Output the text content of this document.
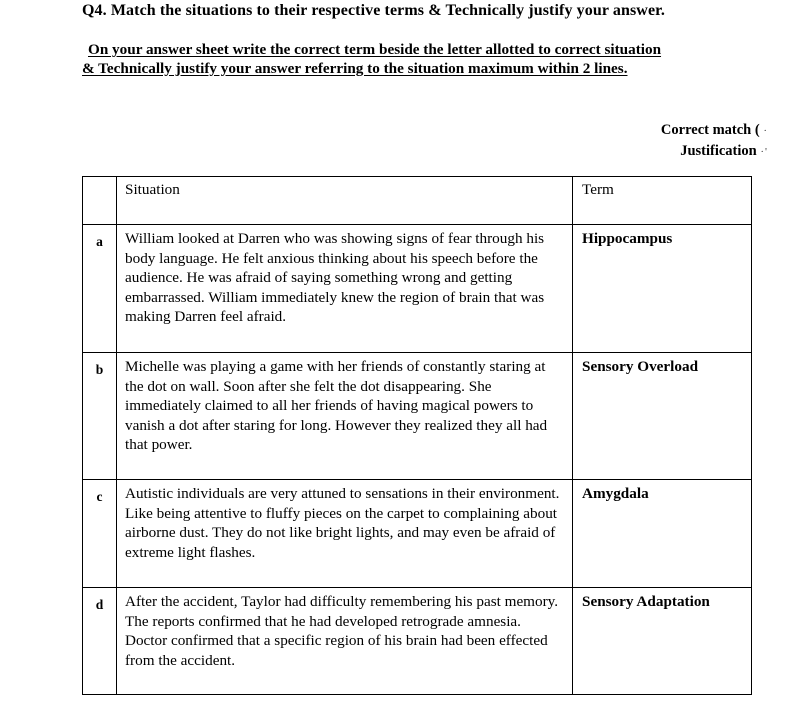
Q4. Match the situations to their respective terms & Technically justify your answer.

On your answer sheet write the correct term beside the letter allotted to correct situation
& Technically justify your answer referring to the situation maximum within 2 lines.
Correct match ( ·
Justification ·'
	Situation	Term
a	William looked at Darren who was showing signs of fear through his body language. He felt anxious thinking about his speech before the audience. He was afraid of saying something wrong and getting embarrassed. William immediately knew the region of brain that was making Darren feel afraid.	Hippocampus
b	Michelle was playing a game with her friends of constantly staring at the dot on wall. Soon after she felt the dot disappearing. She immediately claimed to all her friends of having magical powers to vanish a dot after staring for long. However they realized they all had that power.	Sensory Overload
c	Autistic individuals are very attuned to sensations in their environment. Like being attentive to fluffy pieces on the carpet to complaining about airborne dust. They do not like bright lights, and may even be afraid of extreme light flashes.	Amygdala
d	After the accident, Taylor had difficulty remembering his past memory. The reports confirmed that he had developed retrograde amnesia. Doctor confirmed that a specific region of his brain had been effected from the accident.	Sensory Adaptation
